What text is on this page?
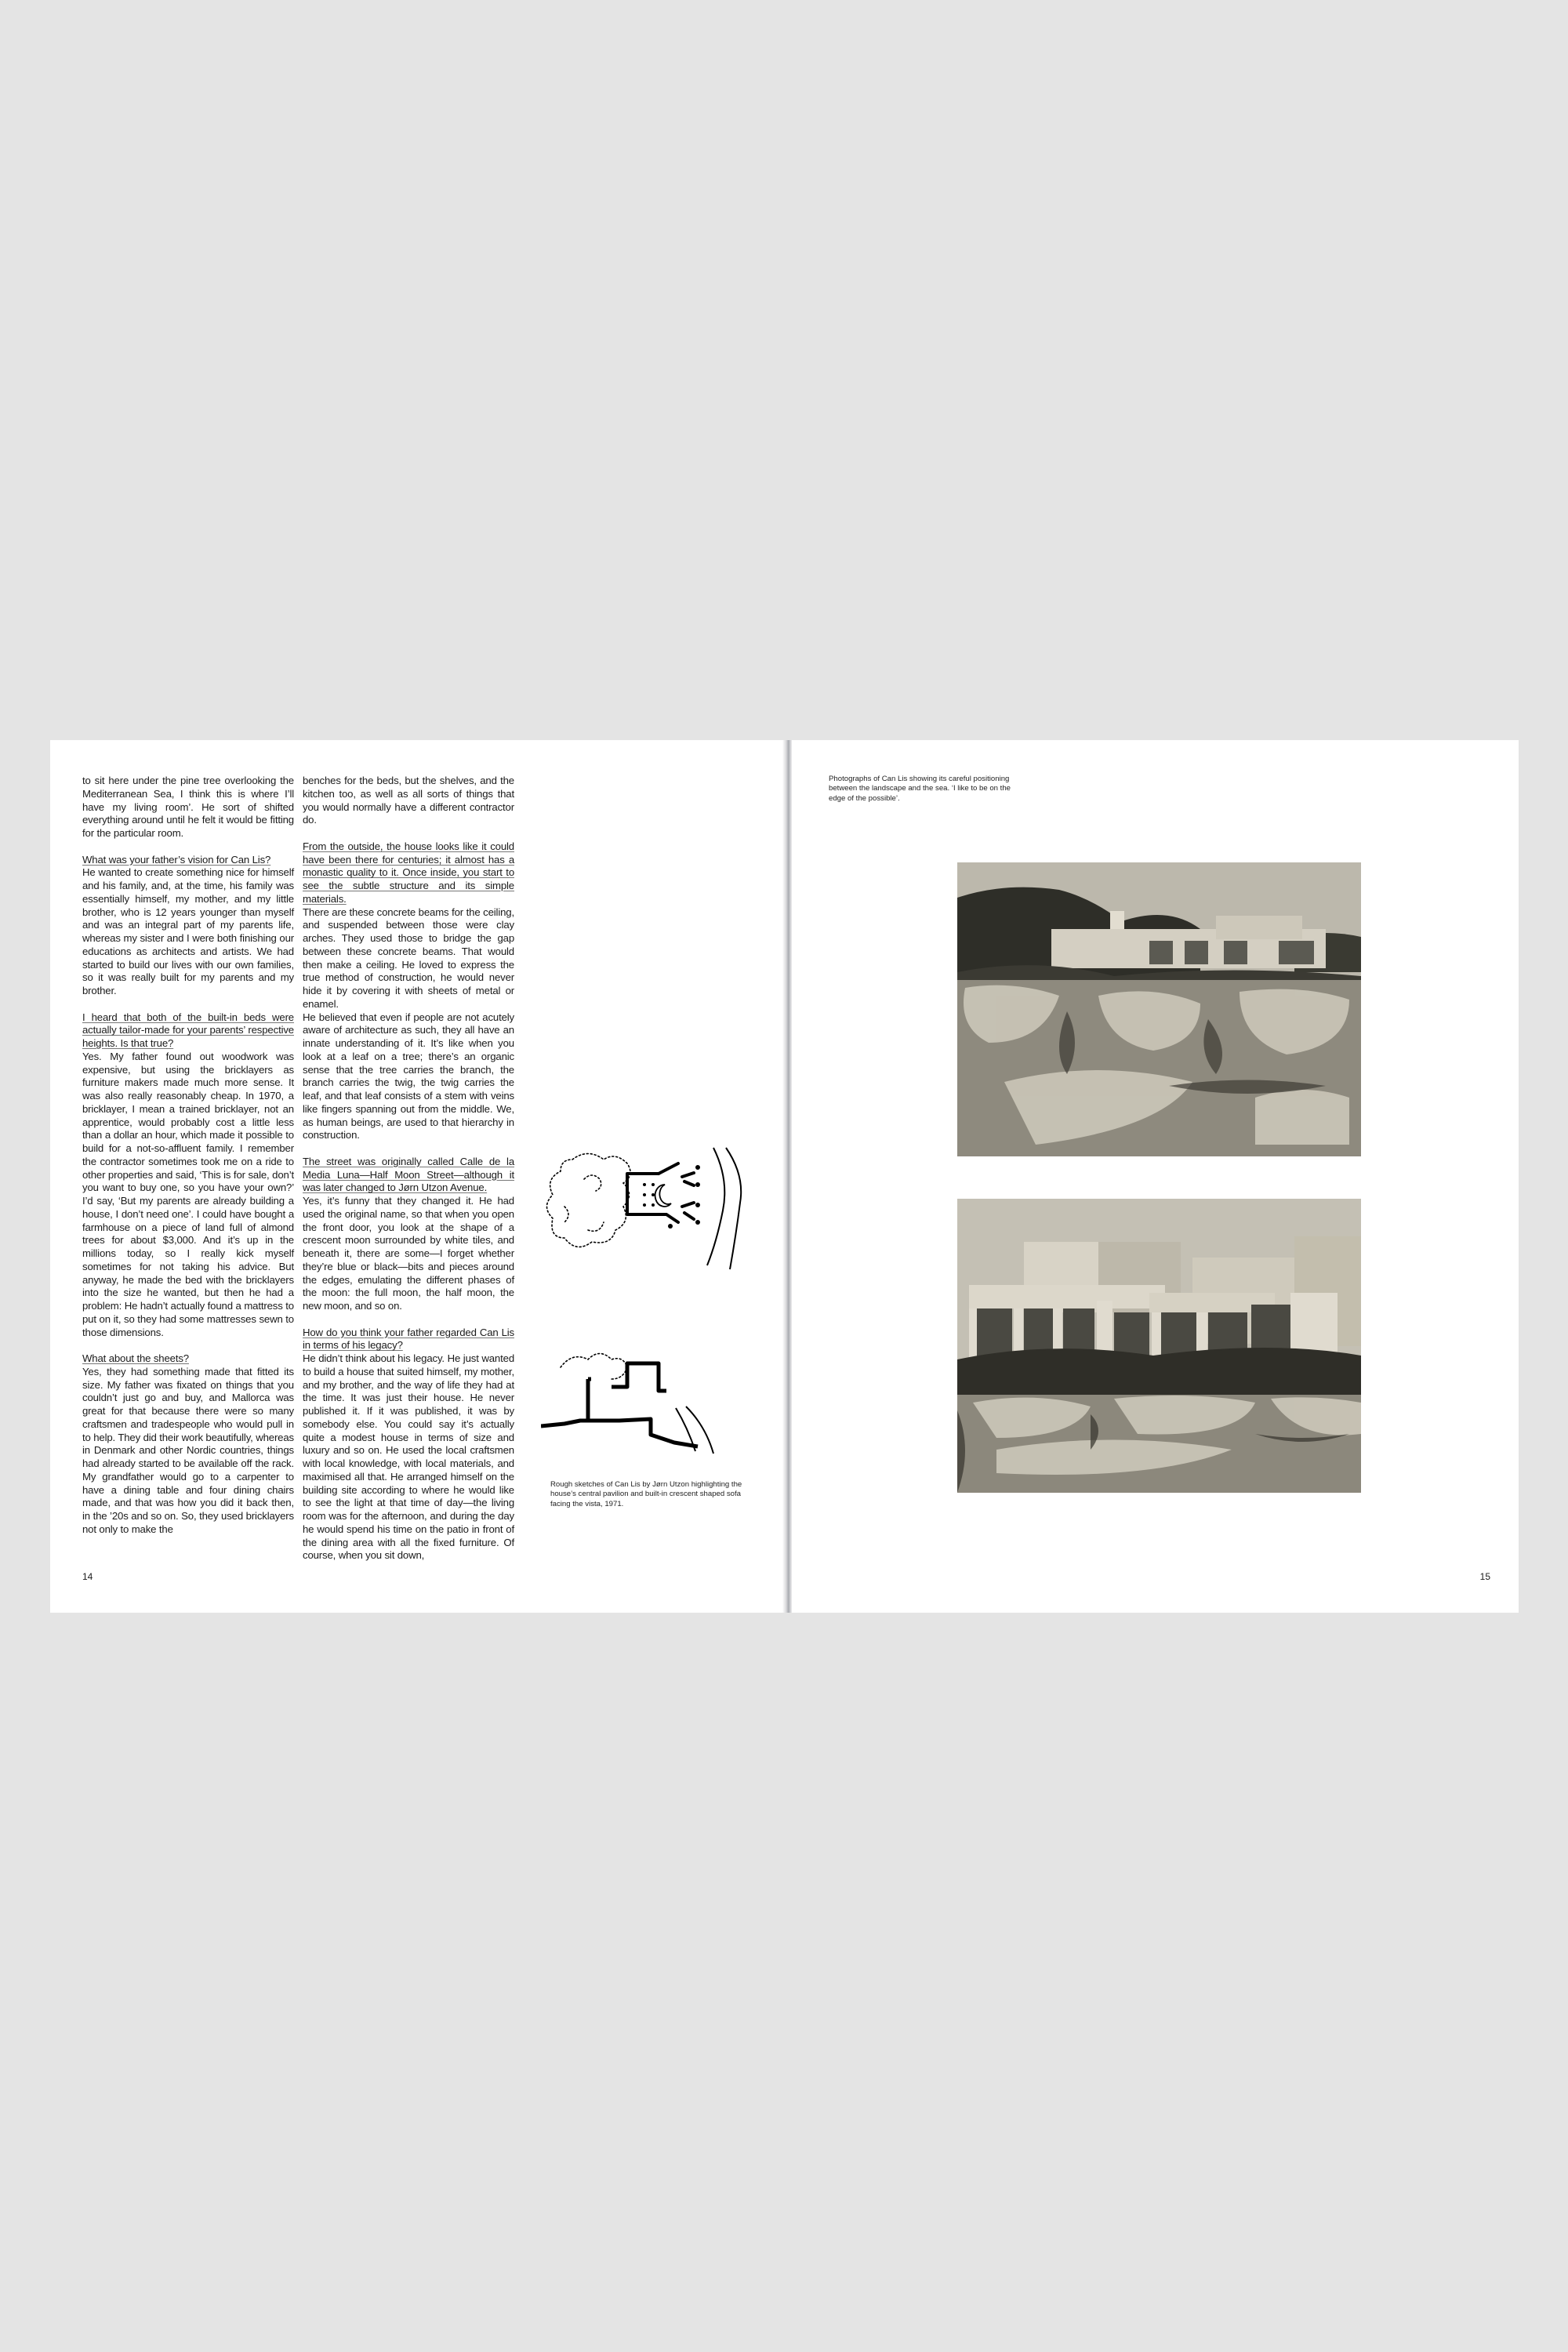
to sit here under the pine tree overlooking the Mediterranean Sea, I think this is where I’ll have my living room’. He sort of shifted everything around until he felt it would be fitting for the particular room.

What was your father’s vision for Can Lis?
He wanted to create something nice for himself and his family, and, at the time, his family was essentially himself, my mother, and my little brother, who is 12 years younger than myself and was an integral part of my parents life, whereas my sister and I were both finishing our educations as architects and artists. We had started to build our lives with our own families, so it was really built for my parents and my brother.

I heard that both of the built-in beds were actually tailor-made for your parents’ respective heights. Is that true?
Yes. My father found out woodwork was expensive, but using the bricklayers as furniture makers made much more sense. It was also really reasonably cheap. In 1970, a bricklayer, I mean a trained bricklayer, not an apprentice, would probably cost a little less than a dollar an hour, which made it possible to build for a not-so-affluent family. I remember the contractor sometimes took me on a ride to other properties and said, ‘This is for sale, don’t you want to buy one, so you have your own?’ I’d say, ‘But my parents are already building a house, I don’t need one’. I could have bought a farmhouse on a piece of land full of almond trees for about $3,000. And it’s up in the millions today, so I really kick myself sometimes for not taking his advice. But anyway, he made the bed with the bricklayers into the size he wanted, but then he had a problem: He hadn’t actually found a mattress to put on it, so they had some mattresses sewn to those dimensions.

What about the sheets?
Yes, they had something made that fitted its size. My father was fixated on things that you couldn’t just go and buy, and Mallorca was great for that because there were so many craftsmen and tradespeople who would pull in to help. They did their work beautifully, whereas in Denmark and other Nordic countries, things had already started to be available off the rack. My grandfather would go to a carpenter to have a dining table and four dining chairs made, and that was how you did it back then, in the ’20s and so on. So, they used bricklayers not only to make the

benches for the beds, but the shelves, and the kitchen too, as well as all sorts of things that you would normally have a different contractor do.

From the outside, the house looks like it could have been there for centuries; it almost has a monastic quality to it. Once inside, you start to see the subtle structure and its simple materials.
There are these concrete beams for the ceiling, and suspended between those were clay arches. They used those to bridge the gap between these concrete beams. That would then make a ceiling. He loved to express the true method of construction, he would never hide it by covering it with sheets of metal or enamel.

He believed that even if people are not acutely aware of architecture as such, they all have an innate understanding of it. It’s like when you look at a leaf on a tree; there’s an organic sense that the tree carries the branch, the branch carries the twig, the twig carries the leaf, and that leaf consists of a stem with veins like fingers spanning out from the middle. We, as human beings, are used to that hierarchy in construction.

The street was originally called Calle de la Media Luna—Half Moon Street—although it was later changed to Jørn Utzon Avenue.
Yes, it’s funny that they changed it. He had used the original name, so that when you open the front door, you look at the shape of a crescent moon surrounded by white tiles, and beneath it, there are some—I forget whether they’re blue or black—bits and pieces around the edges, emulating the different phases of the moon: the full moon, the half moon, the new moon, and so on.

How do you think your father regarded Can Lis in terms of his legacy?
He didn’t think about his legacy. He just wanted to build a house that suited himself, my mother, and my brother, and the way of life they had at the time. It was just their house. He never published it. If it was published, it was by somebody else. You could say it’s actually quite a modest house in terms of size and luxury and so on. He used the local craftsmen with local knowledge, with local materials, and maximised all that. He arranged himself on the building site according to where he would like to see the light at that time of day—the living room was for the afternoon, and during the day he would spend his time on the patio in front of the dining area with all the fixed furniture. Of course, when you sit down,

Rough sketches of Can Lis by Jørn Utzon highlighting the house’s central pavilion and built-in crescent shaped sofa facing the vista, 1971.
14
Photographs of Can Lis showing its careful positioning between the landscape and the sea. ‘I like to be on the edge of the possible’.
15
